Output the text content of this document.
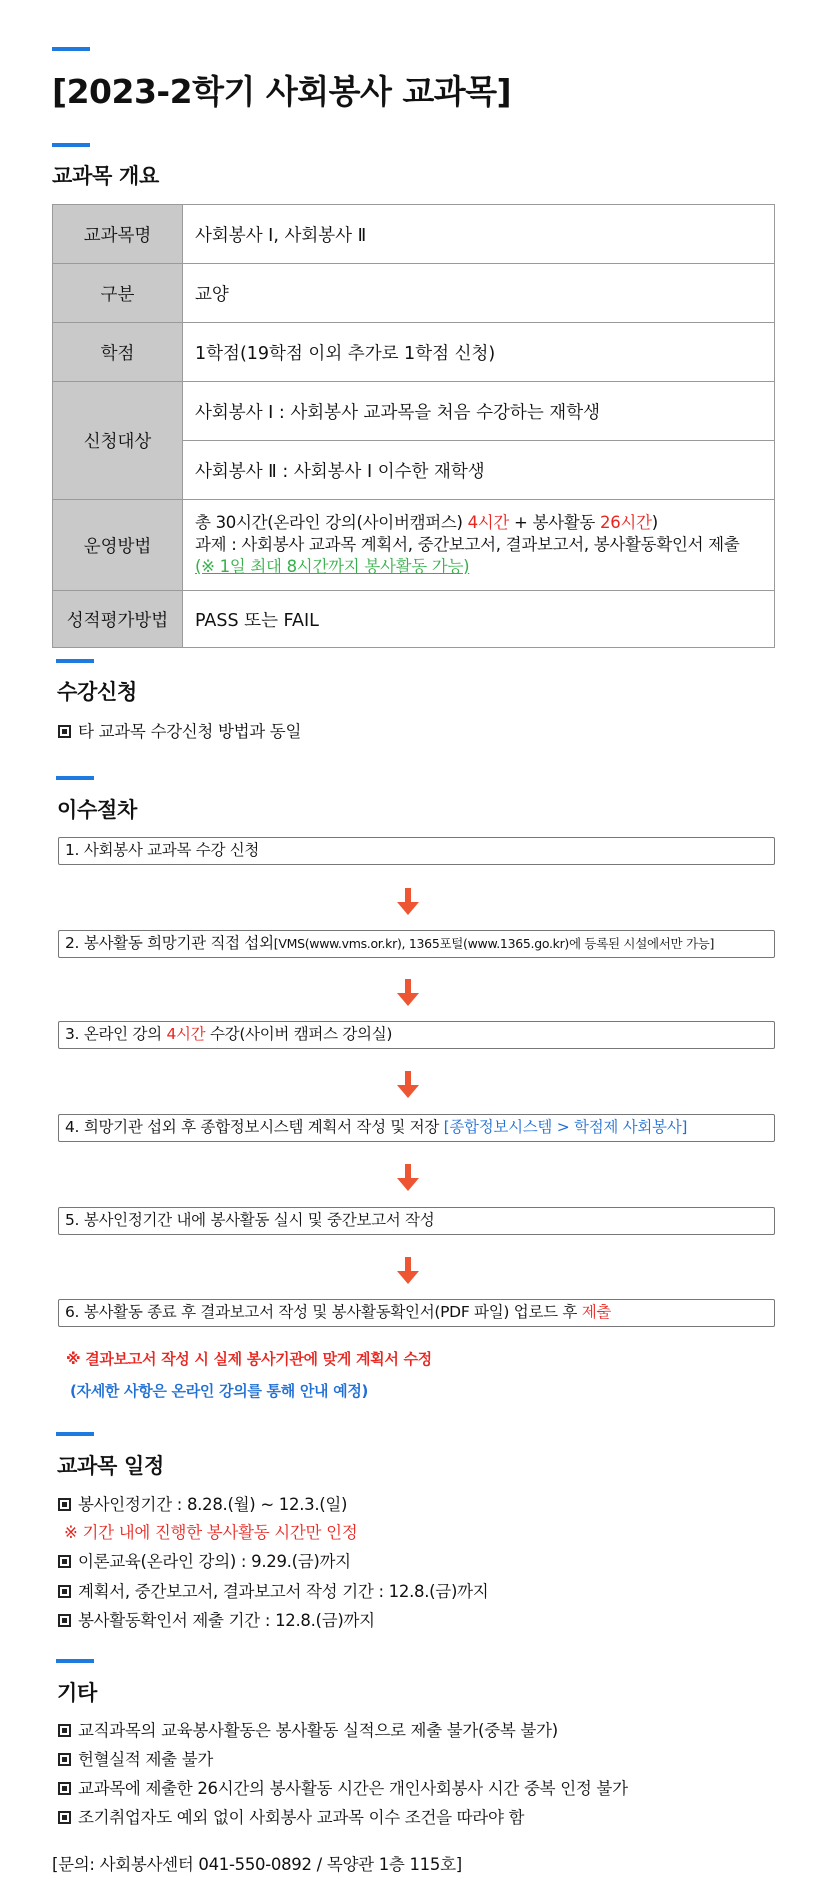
[2023-2학기 사회봉사 교과목]
교과목 개요
교과목명	사회봉사 Ⅰ, 사회봉사 Ⅱ
구분	교양
학점	1학점(19학점 이외 추가로 1학점 신청)
신청대상	사회봉사 Ⅰ : 사회봉사 교과목을 처음 수강하는 재학생
	사회봉사 Ⅱ : 사회봉사 Ⅰ 이수한 재학생
운영방법	총 30시간(온라인 강의(사이버캠퍼스) 4시간 + 봉사활동 26시간)
과제 : 사회봉사 교과목 계획서, 중간보고서, 결과보고서, 봉사활동확인서 제출
(※ 1일 최대 8시간까지 봉사활동 가능)

성적평가방법	PASS 또는 FAIL
수강신청
타 교과목 수강신청 방법과 동일
이수절차
1. 사회봉사 교과목 수강 신청
2. 봉사활동 희망기관 직접 섭외[VMS(www.vms.or.kr), 1365포털(www.1365.go.kr)에 등록된 시설에서만 가능]
3. 온라인 강의 4시간 수강(사이버 캠퍼스 강의실)
4. 희망기관 섭외 후 종합정보시스템 계획서 작성 및 저장 [종합정보시스템 > 학점제 사회봉사]
5. 봉사인정기간 내에 봉사활동 실시 및 중간보고서 작성
6. 봉사활동 종료 후 결과보고서 작성 및 봉사활동확인서(PDF 파일) 업로드 후 제출
※ 결과보고서 작성 시 실제 봉사기관에 맞게 계획서 수정
(자세한 사항은 온라인 강의를 통해 안내 예정)
교과목 일정
봉사인정기간 : 8.28.(월) ~ 12.3.(일)
※ 기간 내에 진행한 봉사활동 시간만 인정
이론교육(온라인 강의) : 9.29.(금)까지
계획서, 중간보고서, 결과보고서 작성 기간 : 12.8.(금)까지
봉사활동확인서 제출 기간 : 12.8.(금)까지
기타
교직과목의 교육봉사활동은 봉사활동 실적으로 제출 불가(중복 불가)
헌혈실적 제출 불가
교과목에 제출한 26시간의 봉사활동 시간은 개인사회봉사 시간 중복 인정 불가
조기취업자도 예외 없이 사회봉사 교과목 이수 조건을 따라야 함
[문의: 사회봉사센터 041-550-0892 / 목양관 1층 115호]
